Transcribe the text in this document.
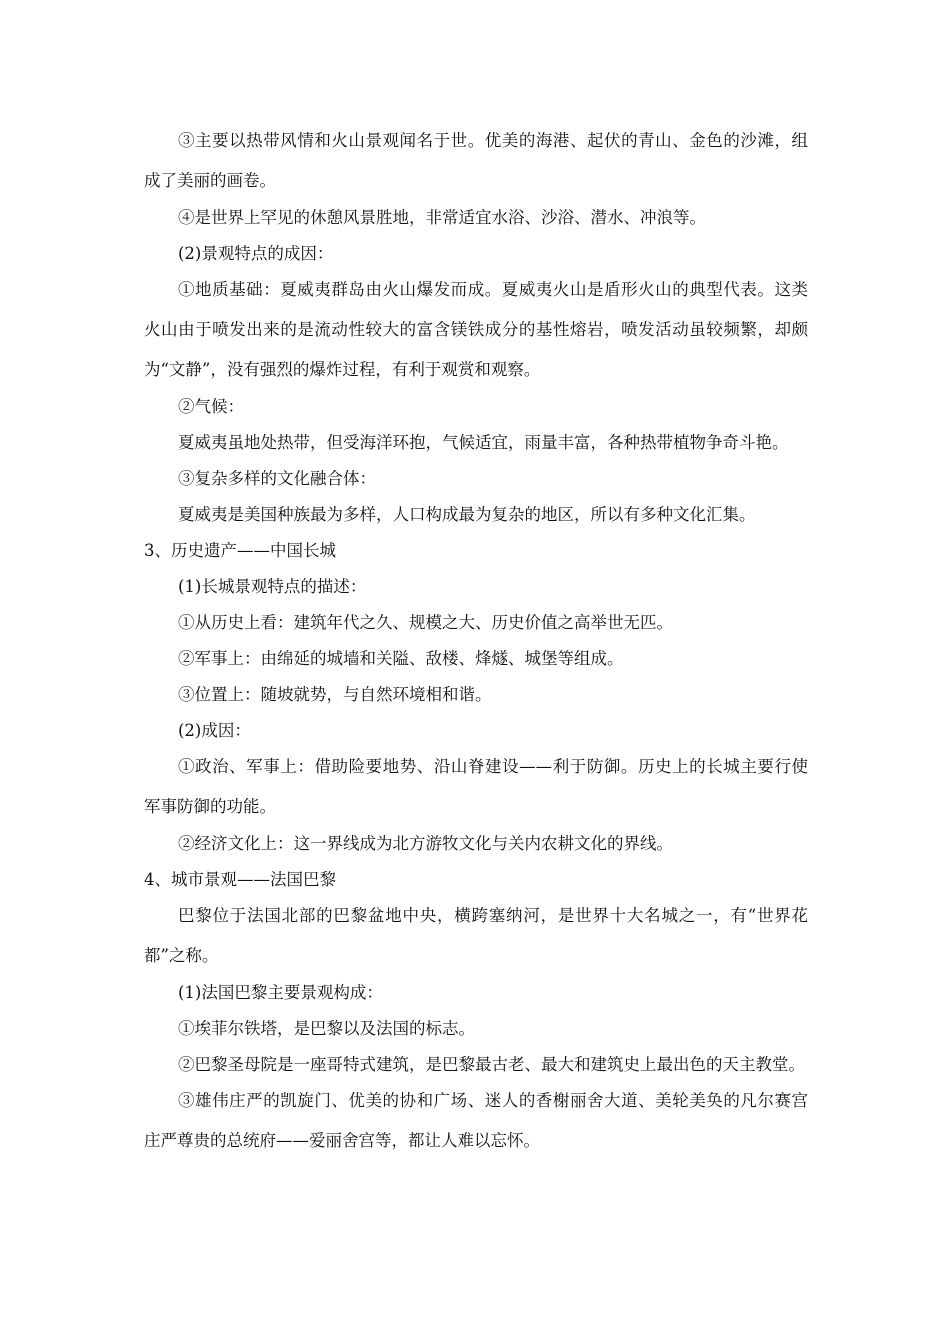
③主要以热带风情和火山景观闻名于世。优美的海港、起伏的青山、金色的沙滩，组
成了美丽的画卷。
④是世界上罕见的休憩风景胜地，非常适宜水浴、沙浴、潜水、冲浪等。
(2)景观特点的成因：
①地质基础：夏威夷群岛由火山爆发而成。夏威夷火山是盾形火山的典型代表。这类
火山由于喷发出来的是流动性较大的富含镁铁成分的基性熔岩，喷发活动虽较频繁，却颇
为“文静”，没有强烈的爆炸过程，有利于观赏和观察。
②气候：
夏威夷虽地处热带，但受海洋环抱，气候适宜，雨量丰富，各种热带植物争奇斗艳。
③复杂多样的文化融合体：
夏威夷是美国种族最为多样，人口构成最为复杂的地区，所以有多种文化汇集。
3、历史遗产——中国长城
(1)长城景观特点的描述：
①从历史上看：建筑年代之久、规模之大、历史价值之高举世无匹。
②军事上：由绵延的城墙和关隘、敌楼、烽燧、城堡等组成。
③位置上：随坡就势，与自然环境相和谐。
(2)成因：
①政治、军事上：借助险要地势、沿山脊建设——利于防御。历史上的长城主要行使
军事防御的功能。
②经济文化上：这一界线成为北方游牧文化与关内农耕文化的界线。
4、城市景观——法国巴黎
巴黎位于法国北部的巴黎盆地中央，横跨塞纳河，是世界十大名城之一，有“世界花
都”之称。
(1)法国巴黎主要景观构成：
①埃菲尔铁塔，是巴黎以及法国的标志。
②巴黎圣母院是一座哥特式建筑，是巴黎最古老、最大和建筑史上最出色的天主教堂。
③雄伟庄严的凯旋门、优美的协和广场、迷人的香榭丽舍大道、美轮美奂的凡尔赛宫
庄严尊贵的总统府——爱丽舍宫等，都让人难以忘怀。
